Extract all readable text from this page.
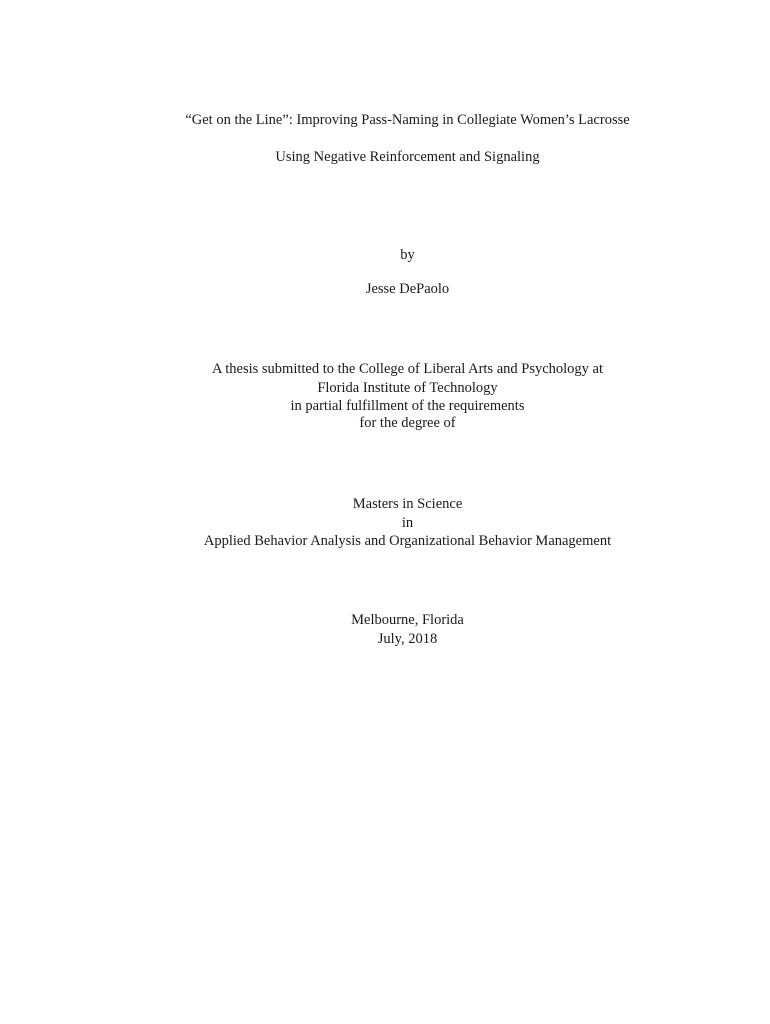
“Get on the Line”: Improving Pass-Naming in Collegiate Women’s Lacrosse
Using Negative Reinforcement and Signaling
by
Jesse DePaolo
A thesis submitted to the College of Liberal Arts and Psychology at
Florida Institute of Technology
in partial fulfillment of the requirements
for the degree of
Masters in Science
in
Applied Behavior Analysis and Organizational Behavior Management
Melbourne, Florida
July, 2018
